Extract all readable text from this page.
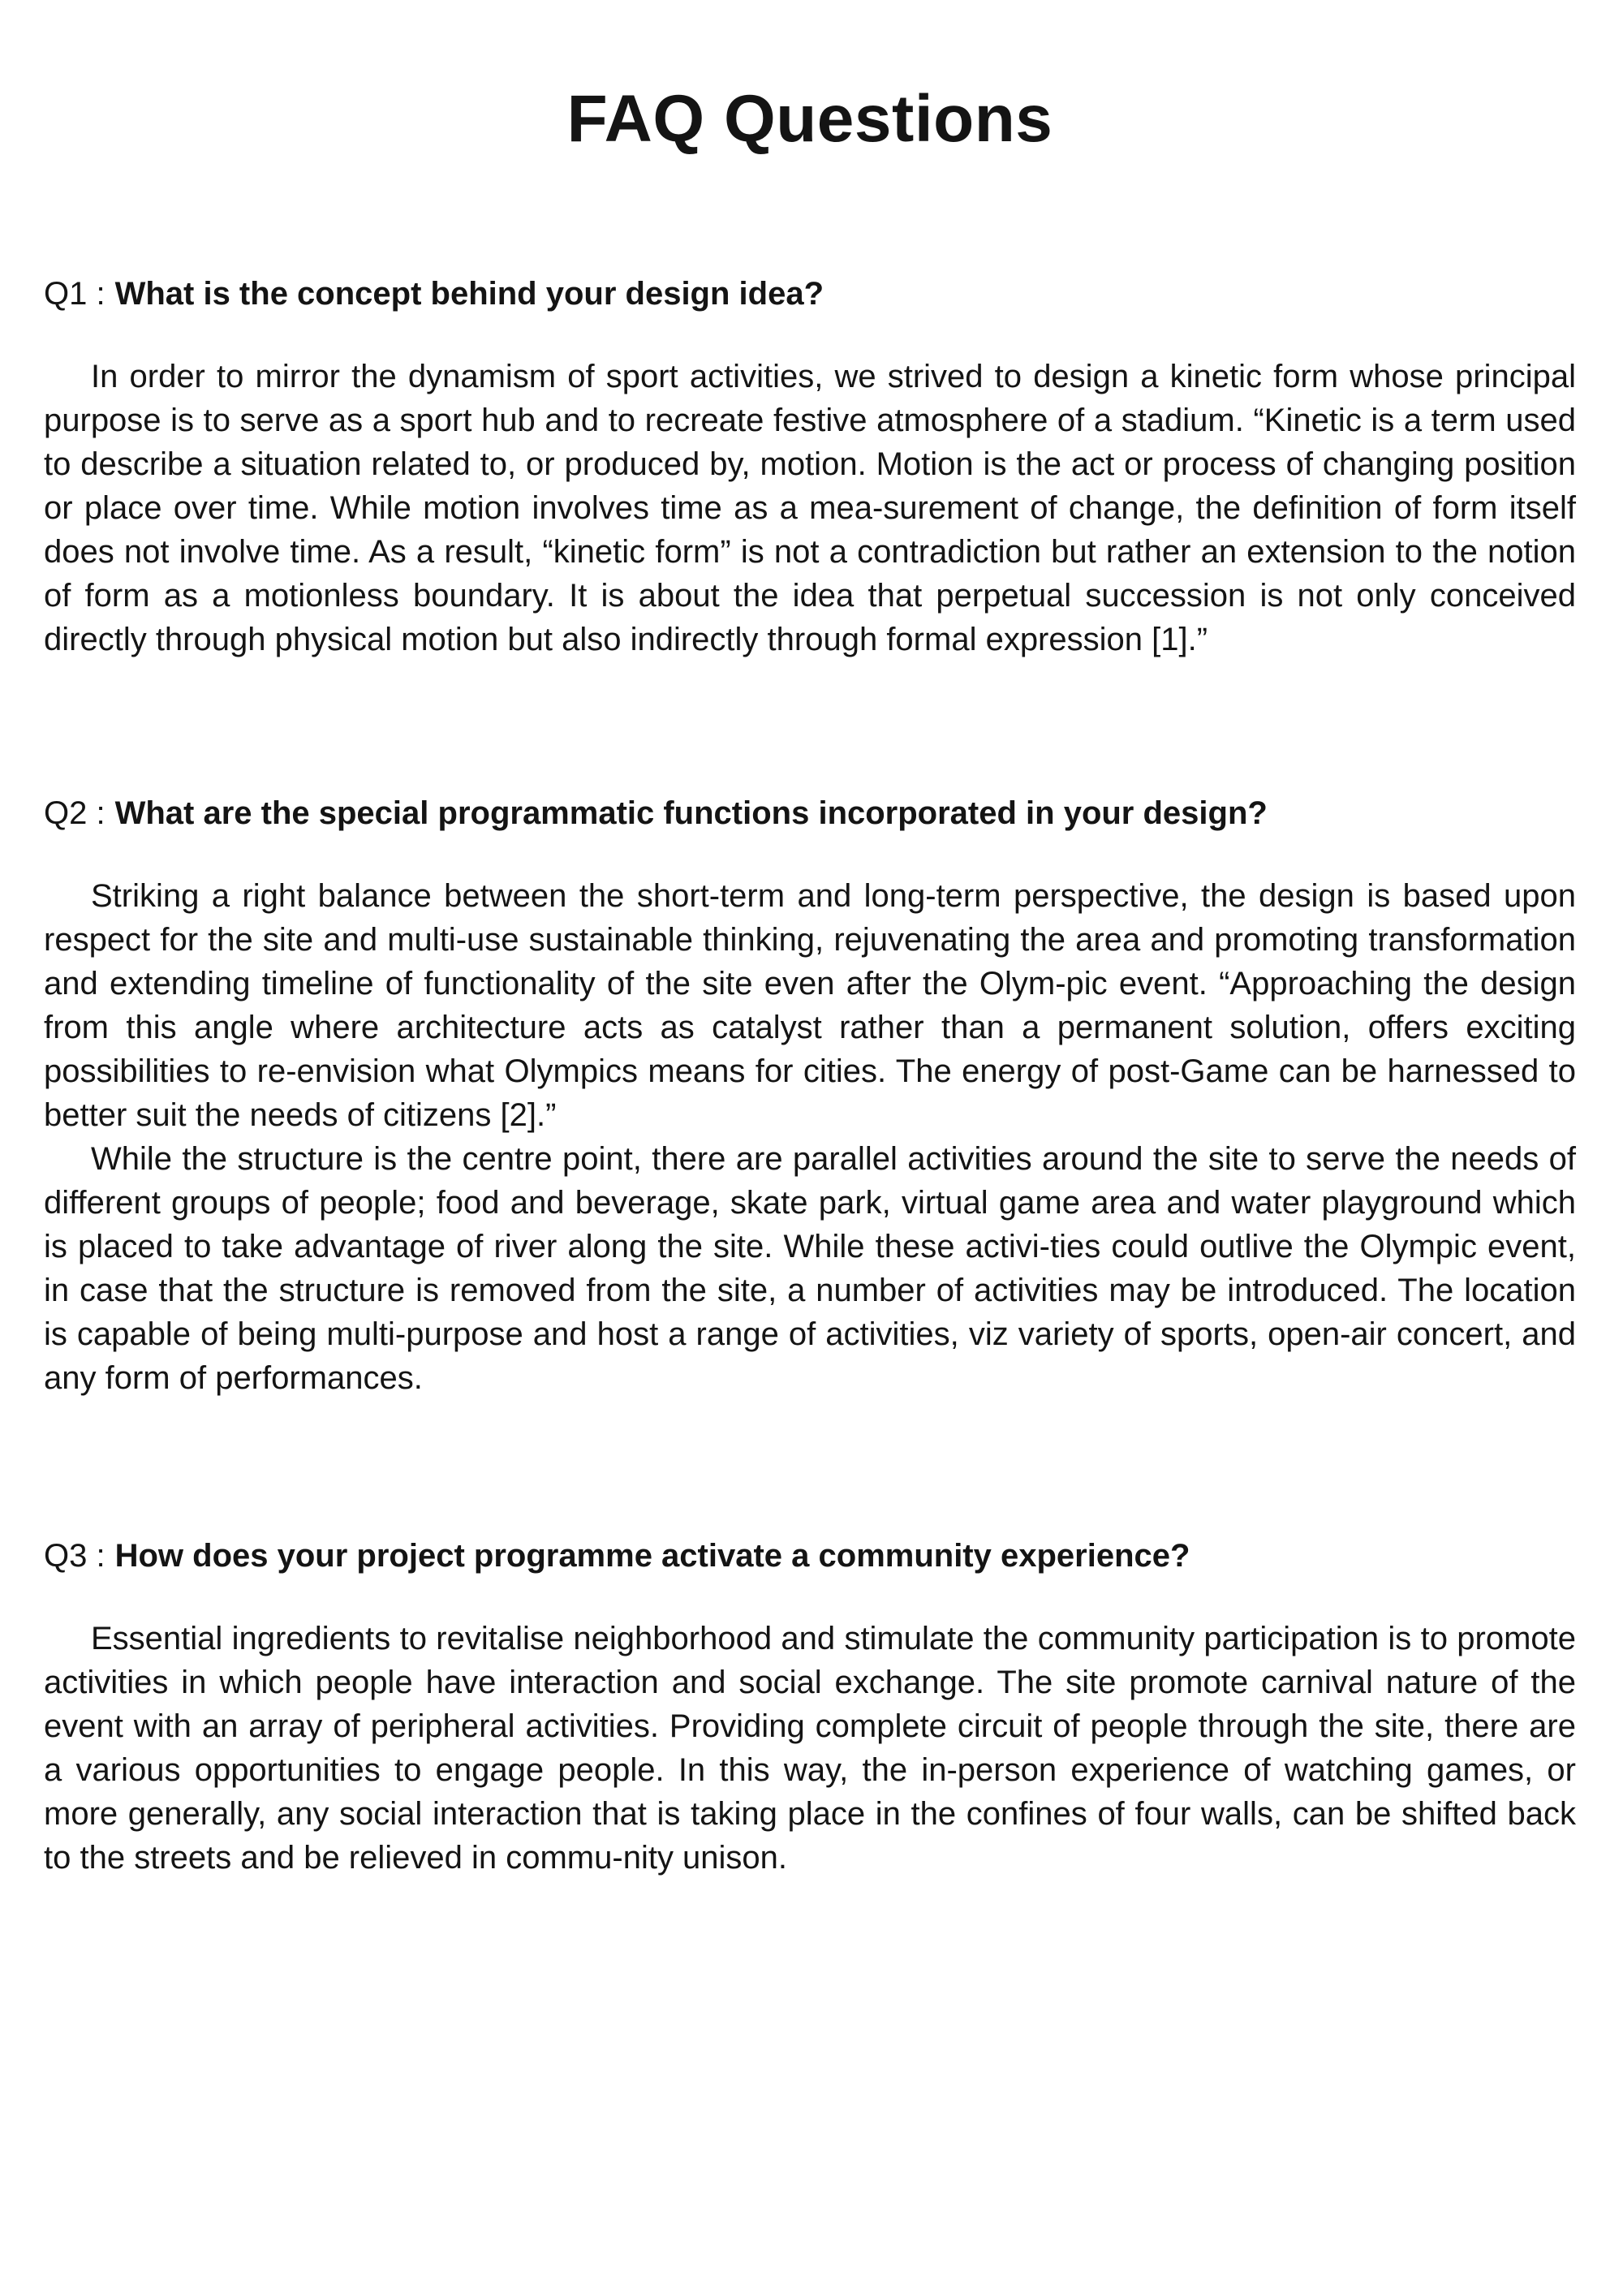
FAQ Questions
Q1 : What is the concept behind your design idea?

In order to mirror the dynamism of sport activities, we strived to design a kinetic form whose principal purpose is to serve as a sport hub and to recreate festive atmosphere of a stadium. “Kinetic is a term used to describe a situation related to, or produced by, motion. Motion is the act or process of changing position or place over time. While motion involves time as a mea-surement of change, the definition of form itself does not involve time. As a result, “kinetic form” is not a contradiction but rather an extension to the notion of form as a motionless boundary. It is about the idea that perpetual succession is not only conceived directly through physical motion but also indirectly through formal expression [1].”

Q2 : What are the special programmatic functions incorporated in your design?

Striking a right balance between the short-term and long-term perspective, the design is based upon respect for the site and multi-use sustainable thinking, rejuvenating the area and promoting transformation and extending timeline of functionality of the site even after the Olym-pic event. “Approaching the design from this angle where architecture acts as catalyst rather than a permanent solution, offers exciting possibilities to re-envision what Olympics means for cities. The energy of post-Game can be harnessed to better suit the needs of citizens [2].”

While the structure is the centre point, there are parallel activities around the site to serve the needs of different groups of people; food and beverage, skate park, virtual game area and water playground which is placed to take advantage of river along the site. While these activi-ties could outlive the Olympic event, in case that the structure is removed from the site, a number of activities may be introduced. The location is capable of being multi-purpose and host a range of activities, viz variety of sports, open-air concert, and any form of performances.

Q3 : How does your project programme activate a community experience?

Essential ingredients to revitalise neighborhood and stimulate the community participation is to promote activities in which people have interaction and social exchange. The site promote carnival nature of the event with an array of peripheral activities. Providing complete circuit of people through the site, there are a various opportunities to engage people. In this way, the in-person experience of watching games, or more generally, any social interaction that is taking place in the confines of four walls, can be shifted back to the streets and be relieved in commu-nity unison.
